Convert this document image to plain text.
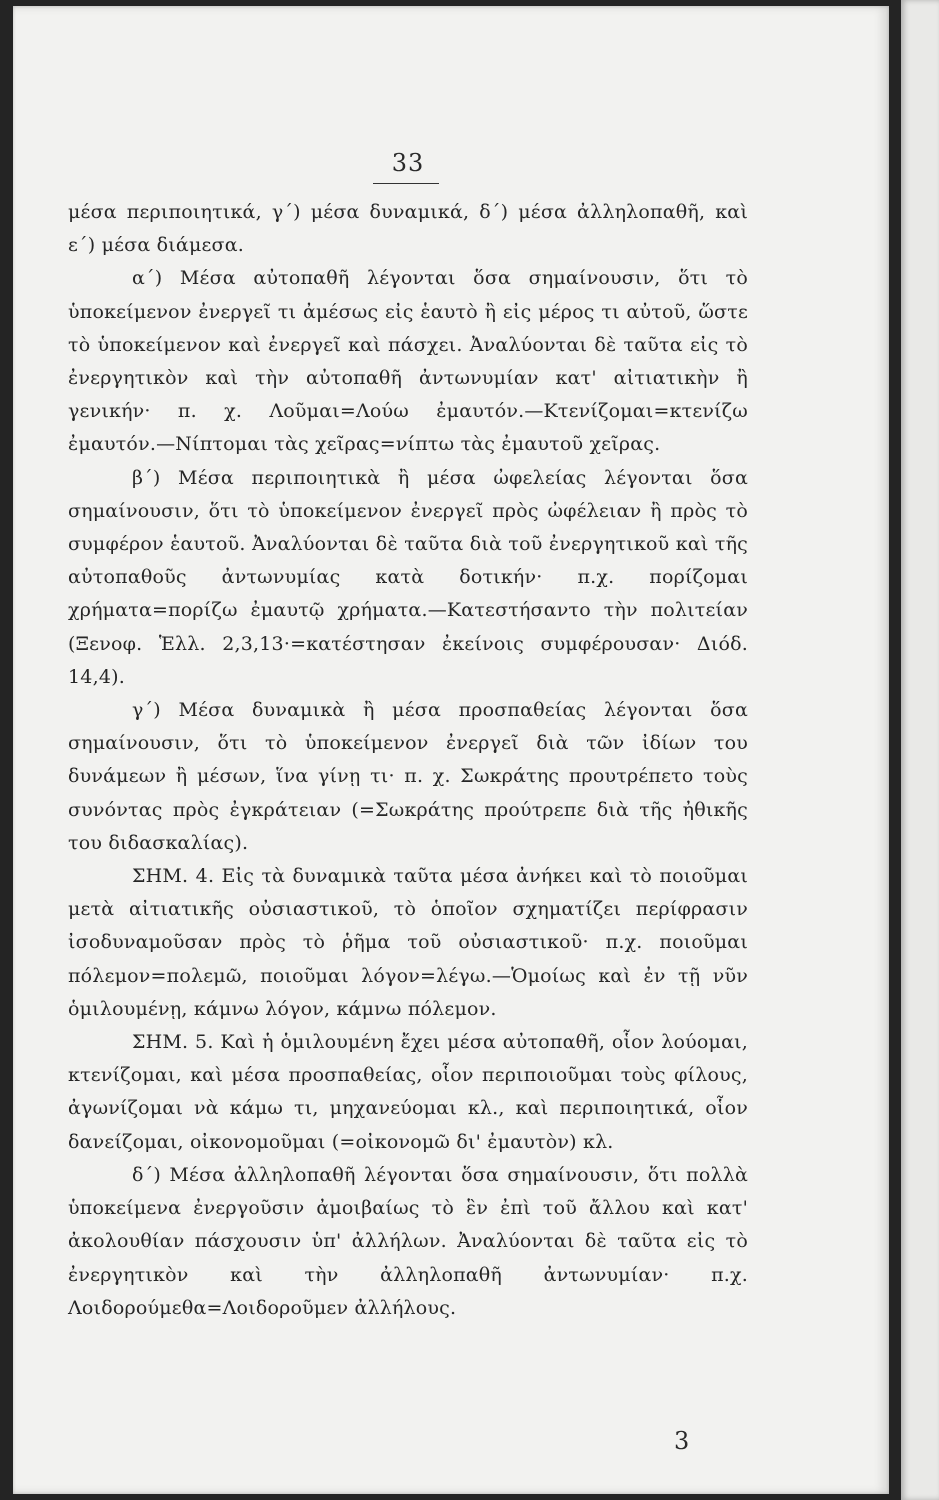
33

μέσα περιποιητικά, γ΄) μέσα δυναμικά, δ΄) μέσα ἀλληλοπαθῆ, καὶ ε΄) μέσα διάμεσα.

α΄) Μέσα αὐτοπαθῆ λέγονται ὅσα σημαίνουσιν, ὅτι τὸ ὑποκείμενον ἐνεργεῖ τι ἀμέσως εἰς ἑαυτὸ ἢ εἰς μέρος τι αὐτοῦ, ὥστε τὸ ὑποκείμενον καὶ ἐνεργεῖ καὶ πάσχει. Ἀναλύονται δὲ ταῦτα εἰς τὸ ἐνεργητικὸν καὶ τὴν αὐτοπαθῆ ἀντωνυμίαν κατ' αἰτιατικὴν ἢ γενικήν· π. χ. Λοῦμαι=Λούω ἐμαυτόν.—Κτενίζομαι=κτενίζω ἐμαυτόν.—Νίπτομαι τὰς χεῖρας=νίπτω τὰς ἐμαυτοῦ χεῖρας.

β΄) Μέσα περιποιητικὰ ἢ μέσα ὠφελείας λέγονται ὅσα σημαίνουσιν, ὅτι τὸ ὑποκείμενον ἐνεργεῖ πρὸς ὠφέλειαν ἢ πρὸς τὸ συμφέρον ἑαυτοῦ. Ἀναλύονται δὲ ταῦτα διὰ τοῦ ἐνεργητικοῦ καὶ τῆς αὐτοπαθοῦς ἀντωνυμίας κατὰ δοτικήν· π.χ. πορίζομαι χρήματα=πορίζω ἐμαυτῷ χρήματα.—Κατεστήσαντο τὴν πολιτείαν (Ξενοφ. Ἑλλ. 2,3,13·=κατέστησαν ἐκείνοις συμφέρουσαν· Διόδ. 14,4).

γ΄) Μέσα δυναμικὰ ἢ μέσα προσπαθείας λέγονται ὅσα σημαίνουσιν, ὅτι τὸ ὑποκείμενον ἐνεργεῖ διὰ τῶν ἰδίων του δυνάμεων ἢ μέσων, ἵνα γίνῃ τι· π. χ. Σωκράτης προυτρέπετο τοὺς συνόντας πρὸς ἐγκράτειαν (=Σωκράτης προύτρεπε διὰ τῆς ἠθικῆς του διδασκαλίας).

ΣΗΜ. 4. Εἰς τὰ δυναμικὰ ταῦτα μέσα ἀνήκει καὶ τὸ ποιοῦμαι μετὰ αἰτιατικῆς οὐσιαστικοῦ, τὸ ὁποῖον σχηματίζει περίφρασιν ἰσοδυναμοῦσαν πρὸς τὸ ῥῆμα τοῦ οὐσιαστικοῦ· π.χ. ποιοῦμαι πόλεμον=πολεμῶ, ποιοῦμαι λόγον=λέγω.—Ὁμοίως καὶ ἐν τῇ νῦν ὁμιλουμένῃ, κάμνω λόγον, κάμνω πόλεμον.

ΣΗΜ. 5. Καὶ ἡ ὁμιλουμένη ἔχει μέσα αὐτοπαθῆ, οἷον λούομαι, κτενίζομαι, καὶ μέσα προσπαθείας, οἷον περιποιοῦμαι τοὺς φίλους, ἀγωνίζομαι νὰ κάμω τι, μηχανεύομαι κλ., καὶ περιποιητικά, οἷον δανείζομαι, οἰκονομοῦμαι (=οἰκονομῶ δι' ἐμαυτὸν) κλ.

δ΄) Μέσα ἀλληλοπαθῆ λέγονται ὅσα σημαίνουσιν, ὅτι πολλὰ ὑποκείμενα ἐνεργοῦσιν ἀμοιβαίως τὸ ἓν ἐπὶ τοῦ ἄλλου καὶ κατ' ἀκολουθίαν πάσχουσιν ὑπ' ἀλλήλων. Ἀναλύονται δὲ ταῦτα εἰς τὸ ἐνεργητικὸν καὶ τὴν ἀλληλοπαθῆ ἀντωνυμίαν· π.χ. Λοιδορούμεθα=Λοιδοροῦμεν ἀλλήλους.

3
